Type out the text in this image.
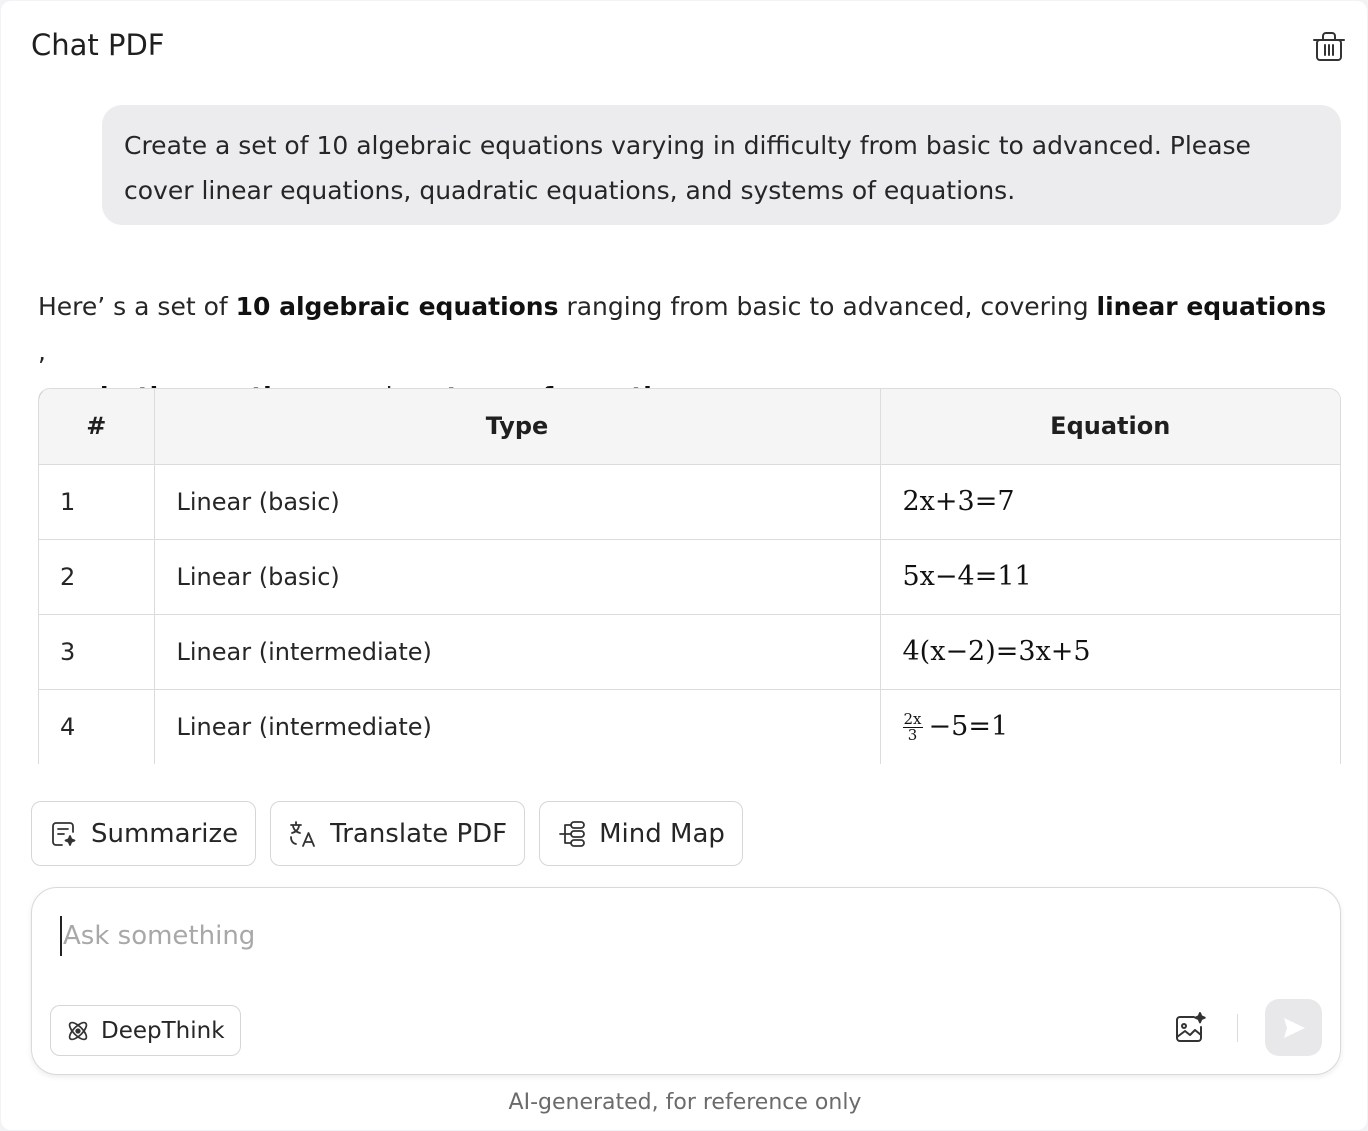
Chat PDF
Create a set of 10 algebraic equations varying in difficulty from basic to advanced. Please cover linear equations, quadratic equations, and systems of equations.
Here’ s a set of 10 algebraic equations ranging from basic to advanced, covering linear equations ,

#	Type	Equation
1	Linear (basic)	2x+3=7
2	Linear (basic)	5x−4=11
3	Linear (intermediate)	4(x−2)=3x+5
4	Linear (intermediate)	$\frac{2x}{3} -5=1$
Summarize	Translate PDF	Mind Map
Ask something
DeepThink
AI-generated, for reference only
